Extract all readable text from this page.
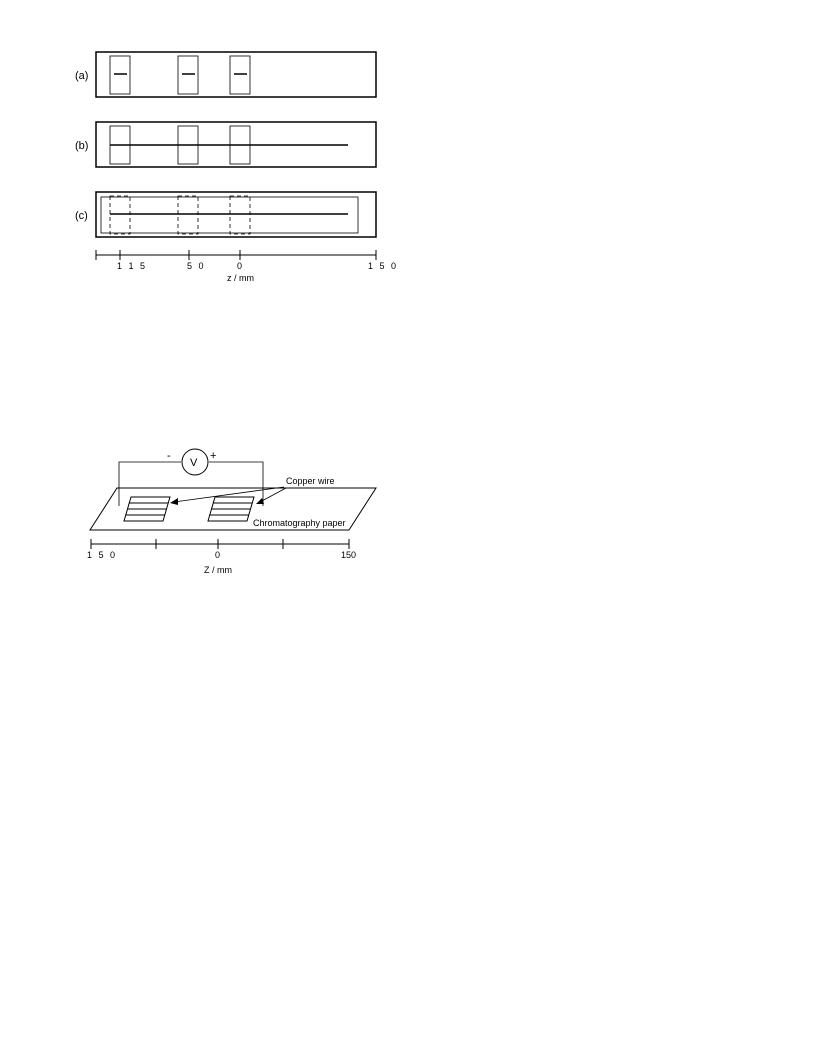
(a)
(b)
(c)
1 1 5	5 0	0	1 5 0
z / mm
V
-	+
Copper wire
Chromatography paper
1 5 0	0	150
Z / mm
